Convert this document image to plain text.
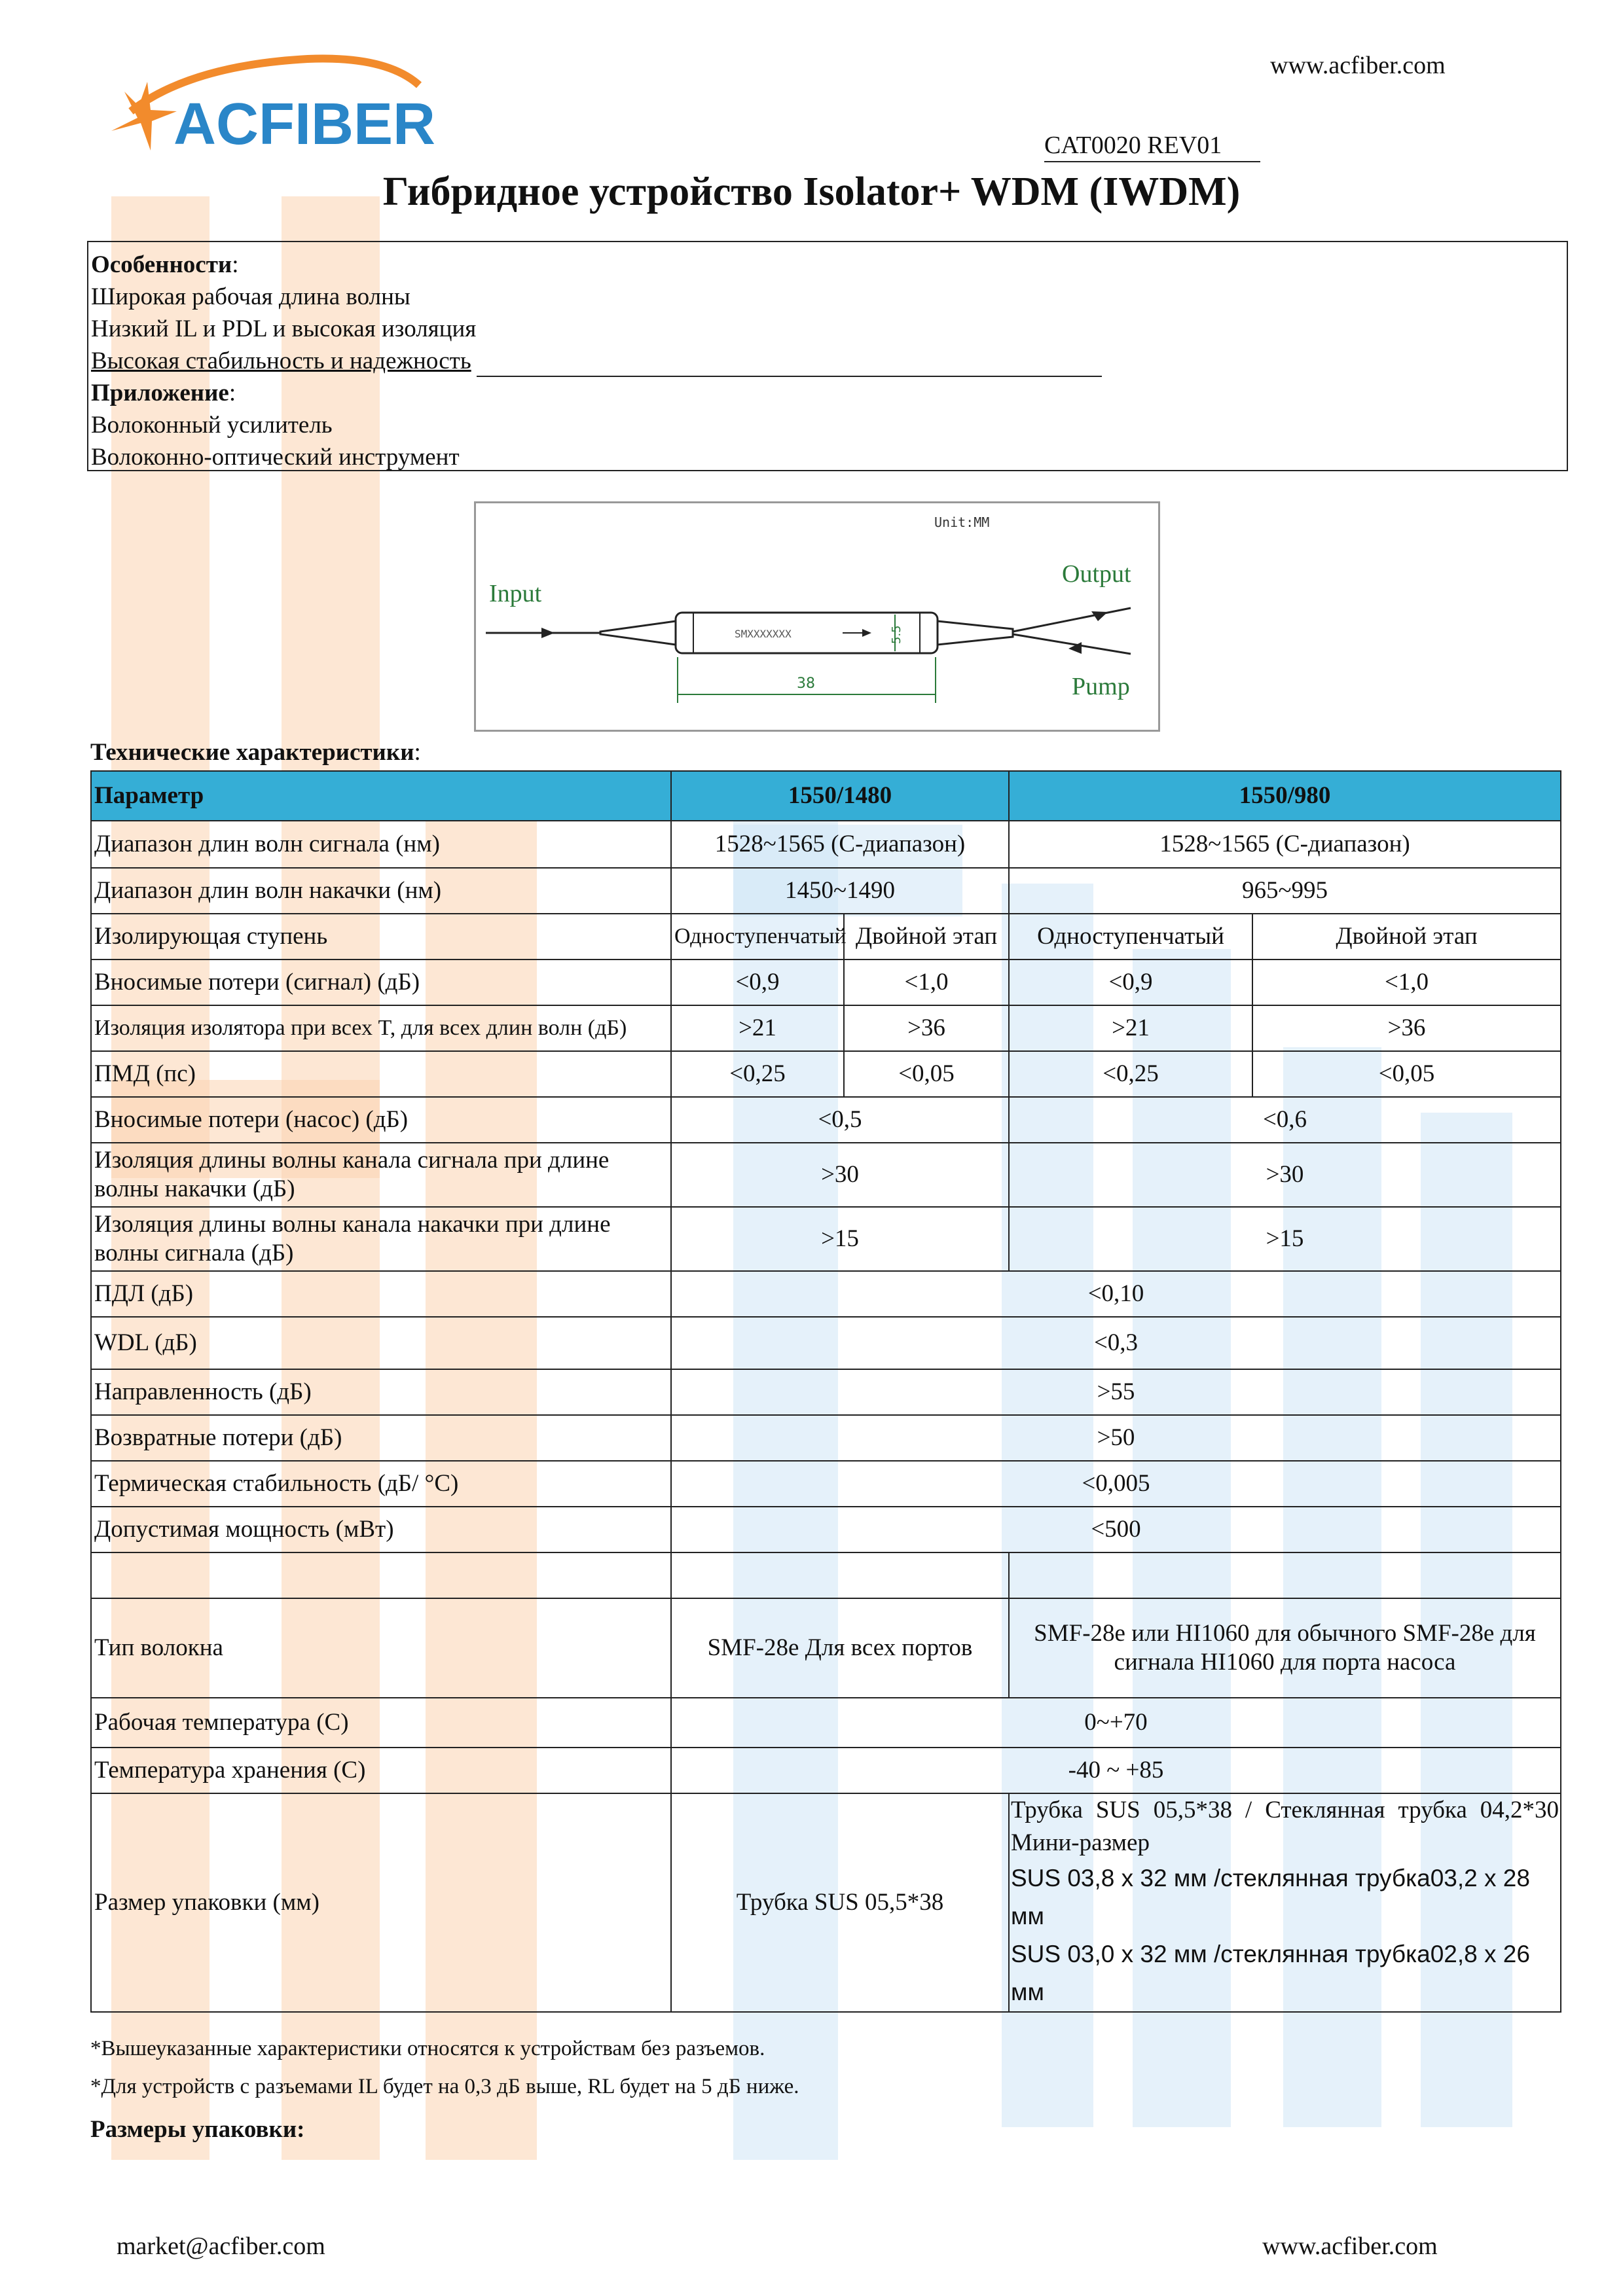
ACFIBER
www.acfiber.com
CAT0020 REV01
Гибридное устройство Isolator+ WDM (IWDM)
Особенности:
Широкая рабочая длина волны
Низкий IL и PDL и высокая изоляция
Высокая стабильность и надежность
Приложение:
Волоконный усилитель
Волоконно-оптический инструмент
Unit:MM
Input
Output
Pump
SMXXXXXXX	5.5
38
Технические характеристики:
Параметр	1550/1480		1550/980	
Диапазон длин волн сигнала (нм)	1528~1565 (С-диапазон)		1528~1565 (С-диапазон)	
Диапазон длин волн накачки (нм)	1450~1490		965~995	
Изолирующая ступень	Одноступенчатый	Двойной этап	Одноступенчатый	Двойной этап
Вносимые потери (сигнал) (дБ)	<0,9	<1,0	<0,9	<1,0
Изоляция изолятора при всех T, для всех длин волн (дБ)	>21	>36	>21	>36
ПМД (пс)	<0,25	<0,05	<0,25	<0,05
Вносимые потери (насос) (дБ)	<0,5		<0,6	
Изоляция длины волны канала сигнала при длине волны накачки (дБ)	>30		>30	
Изоляция длины волны канала накачки при длине волны сигнала (дБ)	>15		>15	
ПДЛ (дБ)	<0,10			
WDL (дБ)	<0,3			
Направленность (дБ)	>55			
Возвратные потери (дБ)	>50			
Термическая стабильность (дБ/ °C)	<0,005			
Допустимая мощность (мВт)	<500			

Тип волокна	SMF-28e Для всех портов		SMF-28e или HI1060 для обычного SMF-28e для сигнала HI1060 для порта насоса	
Рабочая температура (C)	0~+70			
Температура хранения (C)	-40 ~ +85			
Размер упаковки (мм)	Трубка SUS 05,5*38		Трубка SUS 05,5*38 / Стеклянная трубка 04,2*30 Мини-размер
SUS 03,8 х 32 мм /стеклянная трубка03,2 х 28 мм
SUS 03,0 х 32 мм /стеклянная трубка02,8 х 26 мм	
*Вышеуказанные характеристики относятся к устройствам без разъемов.
*Для устройств с разъемами IL будет на 0,3 дБ выше, RL будет на 5 дБ ниже.
Размеры упаковки:
market@acfiber.com	www.acfiber.com
